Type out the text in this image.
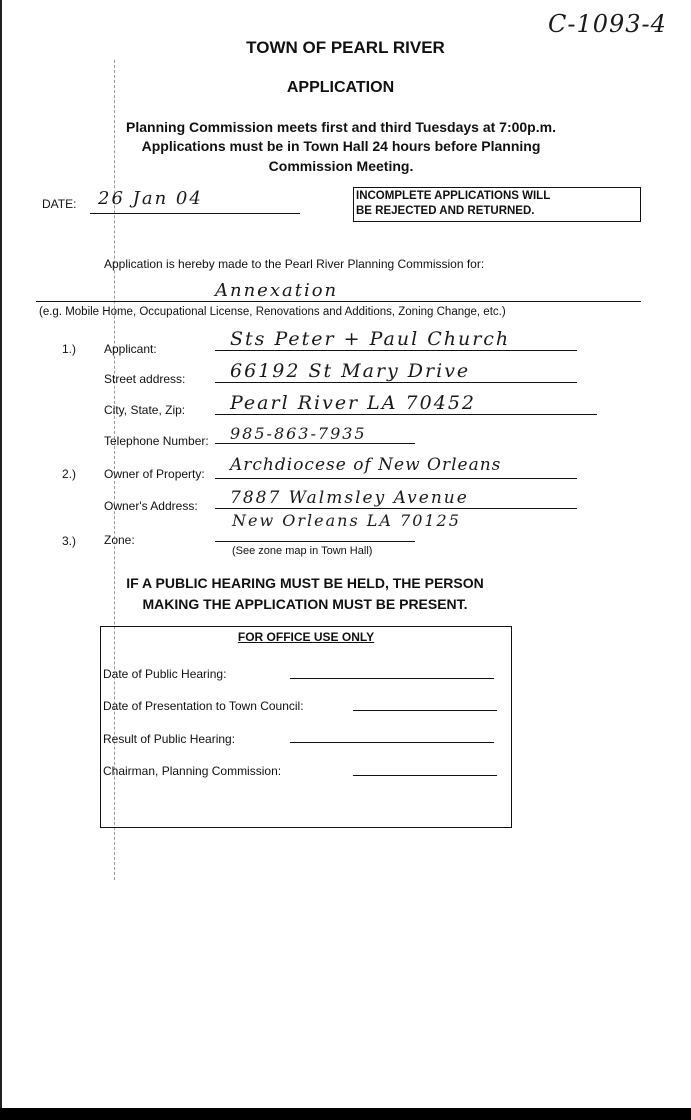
C-1093-4
TOWN OF PEARL RIVER
APPLICATION
Planning Commission meets first and third Tuesdays at 7:00p.m.
Applications must be in Town Hall 24 hours before Planning
Commission Meeting.
DATE: 26 Jan 04	INCOMPLETE APPLICATIONS WILL
BE REJECTED AND RETURNED.
Application is hereby made to the Pearl River Planning Commission for:
Annexation
(e.g. Mobile Home, Occupational License, Renovations and Additions, Zoning Change, etc.)
1.) Applicant:	Sts Peter + Paul Church
Street address: 66192 St Mary Drive
City, State, Zip: Pearl River LA 70452
Telephone Number: 985-863-7935
2.) Owner of Property: Archdiocese of New Orleans
Owner's Address: 7887 Walmsley Avenue
New Orleans LA 70125
3.) Zone:
(See zone map in Town Hall)
IF A PUBLIC HEARING MUST BE HELD, THE PERSON
MAKING THE APPLICATION MUST BE PRESENT.
FOR OFFICE USE ONLY
Date of Public Hearing:
Date of Presentation to Town Council:
Result of Public Hearing:
Chairman, Planning Commission:
